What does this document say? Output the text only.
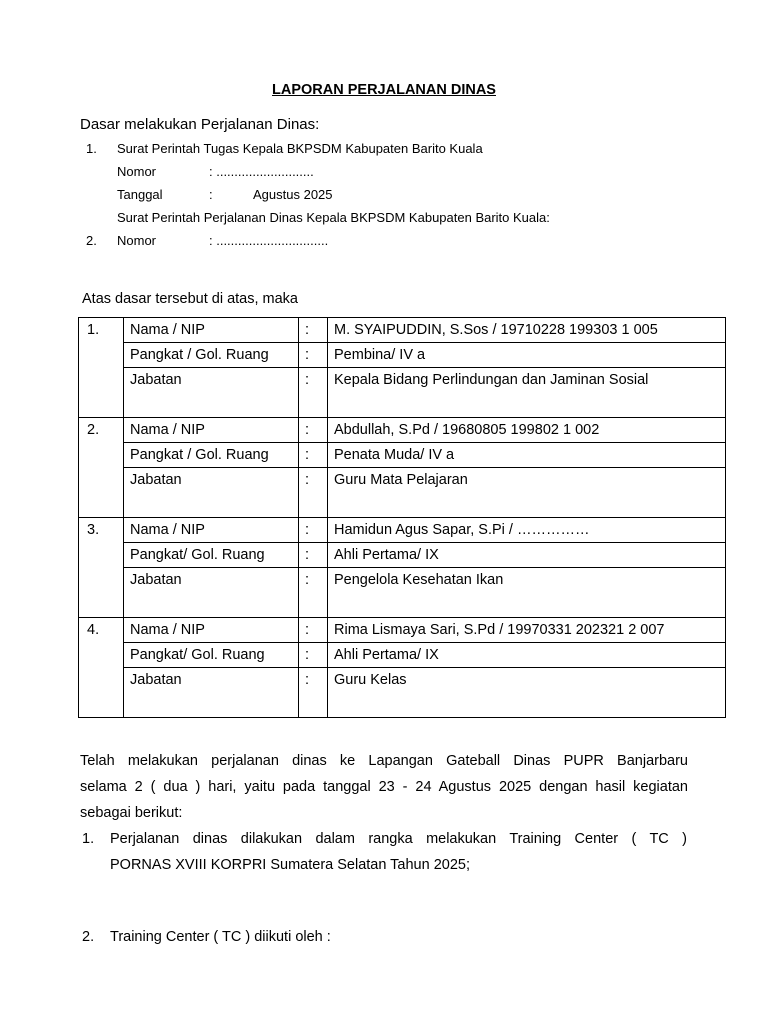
LAPORAN PERJALANAN DINAS
Dasar melakukan Perjalanan Dinas:
1. Surat Perintah Tugas Kepala BKPSDM Kabupaten Barito Kuala
Nomor	: ...........................
Tanggal	:	Agustus 2025
Surat Perintah Perjalanan Dinas Kepala BKPSDM Kabupaten Barito Kuala:
2. Nomor	: ...............................
Atas dasar tersebut di atas, maka
1.	Nama / NIP	:	M. SYAIPUDDIN, S.Sos / 19710228 199303 1 005
	Pangkat / Gol. Ruang	:	Pembina/ IV a
	Jabatan	:	Kepala Bidang Perlindungan dan Jaminan Sosial
2.	Nama / NIP	:	Abdullah, S.Pd / 19680805 199802 1 002
	Pangkat / Gol. Ruang	:	Penata Muda/ IV a
	Jabatan	:	Guru Mata Pelajaran
3.	Nama / NIP	:	Hamidun Agus Sapar, S.Pi / ……………
	Pangkat/ Gol. Ruang	:	Ahli Pertama/ IX
	Jabatan	:	Pengelola Kesehatan Ikan
4.	Nama / NIP	:	Rima Lismaya Sari, S.Pd / 19970331 202321 2 007
	Pangkat/ Gol. Ruang	:	Ahli Pertama/ IX
	Jabatan	:	Guru Kelas
Telah melakukan perjalanan dinas ke Lapangan Gateball Dinas PUPR Banjarbaru
selama 2 ( dua ) hari, yaitu pada tanggal 23 - 24 Agustus 2025 dengan hasil kegiatan
sebagai berikut:
1. Perjalanan dinas dilakukan dalam rangka melakukan Training Center ( TC )
PORNAS XVIII KORPRI Sumatera Selatan Tahun 2025;
2. Training Center ( TC ) diikuti oleh :
